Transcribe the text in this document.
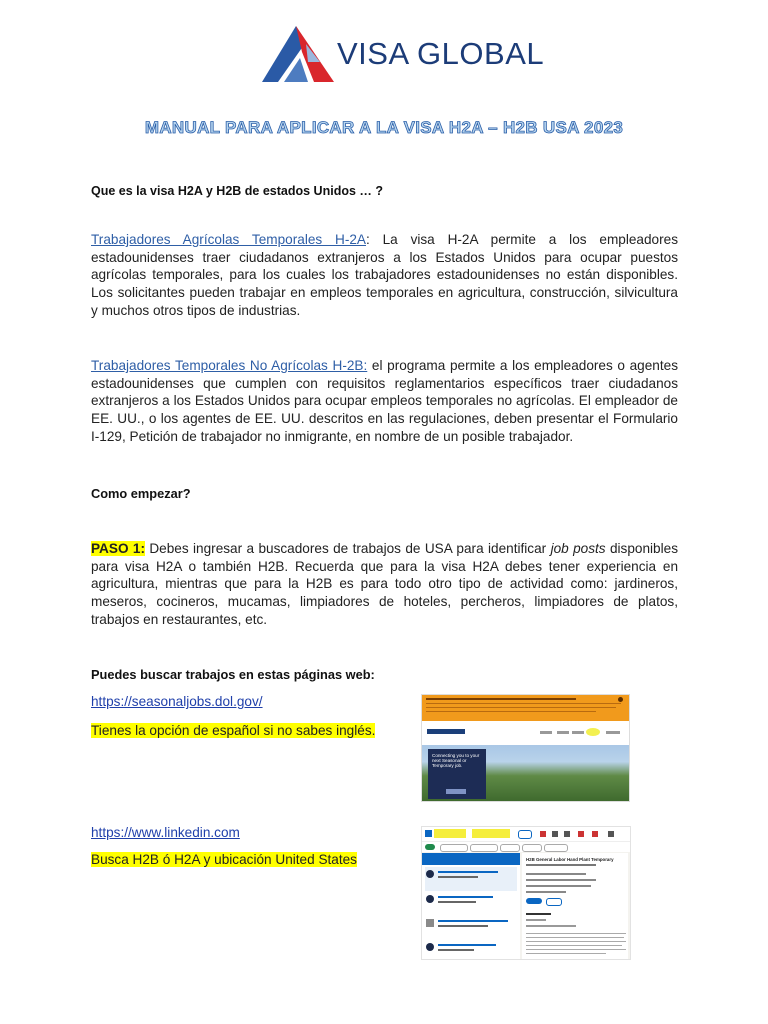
VISA GLOBAL
MANUAL PARA APLICAR A LA VISA H2A – H2B USA 2023
Que es la visa H2A y H2B de estados Unidos … ?

Trabajadores Agrícolas Temporales H-2A: La visa H-2A permite a los empleadores estadounidenses traer ciudadanos extranjeros a los Estados Unidos para ocupar puestos agrícolas temporales, para los cuales los trabajadores estadounidenses no están disponibles. Los solicitantes pueden trabajar en empleos temporales en agricultura, construcción, silvicultura y muchos otros tipos de industrias.

Trabajadores Temporales No Agrícolas H-2B: el programa permite a los empleadores o agentes estadounidenses que cumplen con requisitos reglamentarios específicos traer ciudadanos extranjeros a los Estados Unidos para ocupar empleos temporales no agrícolas. El empleador de EE. UU., o los agentes de EE. UU. descritos en las regulaciones, deben presentar el Formulario I-129, Petición de trabajador no inmigrante, en nombre de un posible trabajador.

Como empezar?

PASO 1: Debes ingresar a buscadores de trabajos de USA para identificar job posts disponibles para visa H2A o también H2B. Recuerda que para la visa H2A debes tener experiencia en agricultura, mientras que para la H2B es para todo otro tipo de actividad como: jardineros, meseros, cocineros, mucamas, limpiadores de hoteles, percheros, limpiadores de platos, trabajos en restaurantes, etc.

Puedes buscar trabajos en estas páginas web:
https://seasonaljobs.dol.gov/
Tienes la opción de español si no sabes inglés.
https://www.linkedin.com
Busca H2B ó H2A y ubicación United States
Connecting you to your next Seasonal or Temporary job.
H2B General Labor Hand Plant Temporary
